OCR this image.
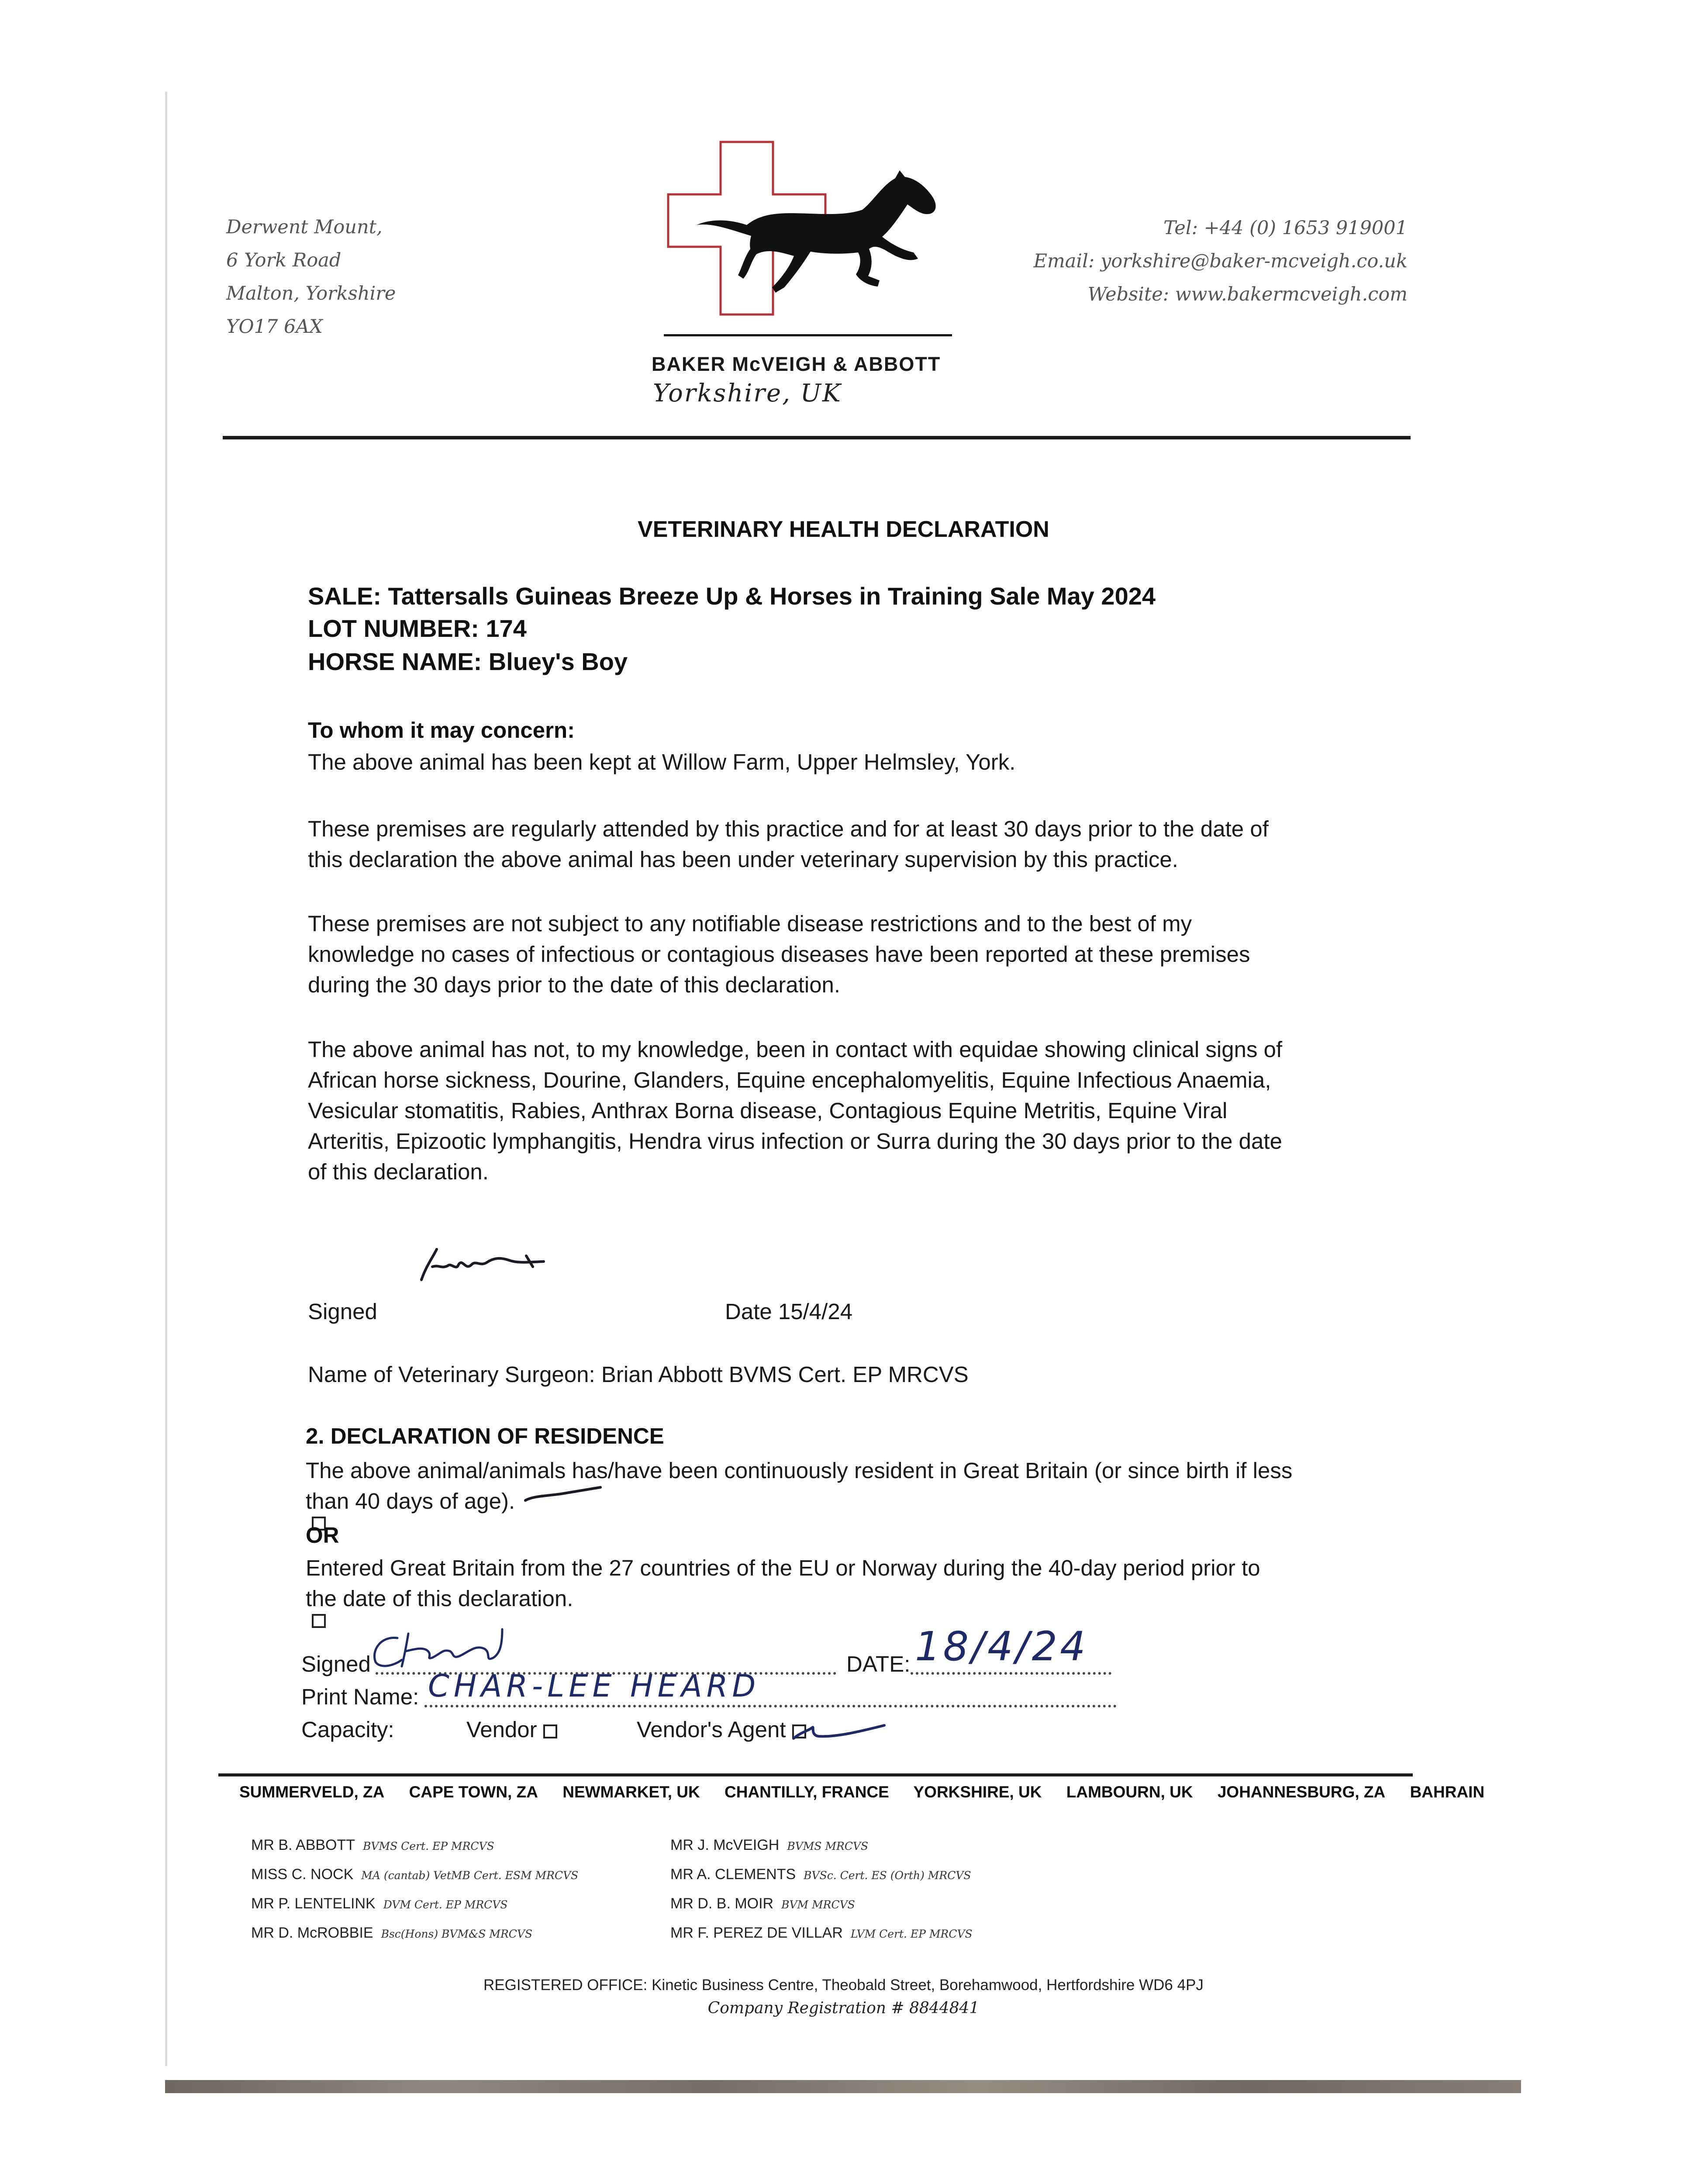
Derwent Mount,
6 York Road
Malton, Yorkshire
YO17 6AX
Tel: +44 (0) 1653 919001
Email: yorkshire@baker-mcveigh.co.uk
Website: www.bakermcveigh.com
BAKER McVEIGH & ABBOTT
Yorkshire, UK
VETERINARY HEALTH DECLARATION
SALE: Tattersalls Guineas Breeze Up & Horses in Training Sale May 2024
LOT NUMBER: 174
HORSE NAME: Bluey's Boy
To whom it may concern:
The above animal has been kept at Willow Farm, Upper Helmsley, York.
These premises are regularly attended by this practice and for at least 30 days prior to the date of
this declaration the above animal has been under veterinary supervision by this practice.
These premises are not subject to any notifiable disease restrictions and to the best of my
knowledge no cases of infectious or contagious diseases have been reported at these premises
during the 30 days prior to the date of this declaration.
The above animal has not, to my knowledge, been in contact with equidae showing clinical signs of
African horse sickness, Dourine, Glanders, Equine encephalomyelitis, Equine Infectious Anaemia,
Vesicular stomatitis, Rabies, Anthrax Borna disease, Contagious Equine Metritis, Equine Viral
Arteritis, Epizootic lymphangitis, Hendra virus infection or Surra during the 30 days prior to the date
of this declaration.
Signed	Date 15/4/24
Name of Veterinary Surgeon: Brian Abbott BVMS Cert. EP MRCVS
2. DECLARATION OF RESIDENCE
The above animal/animals has/have been continuously resident in Great Britain (or since birth if less
than 40 days of age).
OR
Entered Great Britain from the 27 countries of the EU or Norway during the 40-day period prior to
the date of this declaration.
Signed	DATE: 18/4/24
Print Name: CHAR-LEE HEARD
Capacity:	Vendor	Vendor's Agent
SUMMERVELD, ZA CAPE TOWN, ZA NEWMARKET, UK CHANTILLY, FRANCE YORKSHIRE, UK LAMBOURN, UK JOHANNESBURG, ZA BAHRAIN
MR B. ABBOTT BVMS Cert. EP MRCVS
MISS C. NOCK MA (cantab) VetMB Cert. ESM MRCVS
MR P. LENTELINK DVM Cert. EP MRCVS
MR D. McROBBIE Bsc(Hons) BVM&S MRCVS
MR J. McVEIGH BVMS MRCVS
MR A. CLEMENTS BVSc. Cert. ES (Orth) MRCVS
MR D. B. MOIR BVM MRCVS
MR F. PEREZ DE VILLAR LVM Cert. EP MRCVS
REGISTERED OFFICE: Kinetic Business Centre, Theobald Street, Borehamwood, Hertfordshire WD6 4PJ
Company Registration # 8844841
